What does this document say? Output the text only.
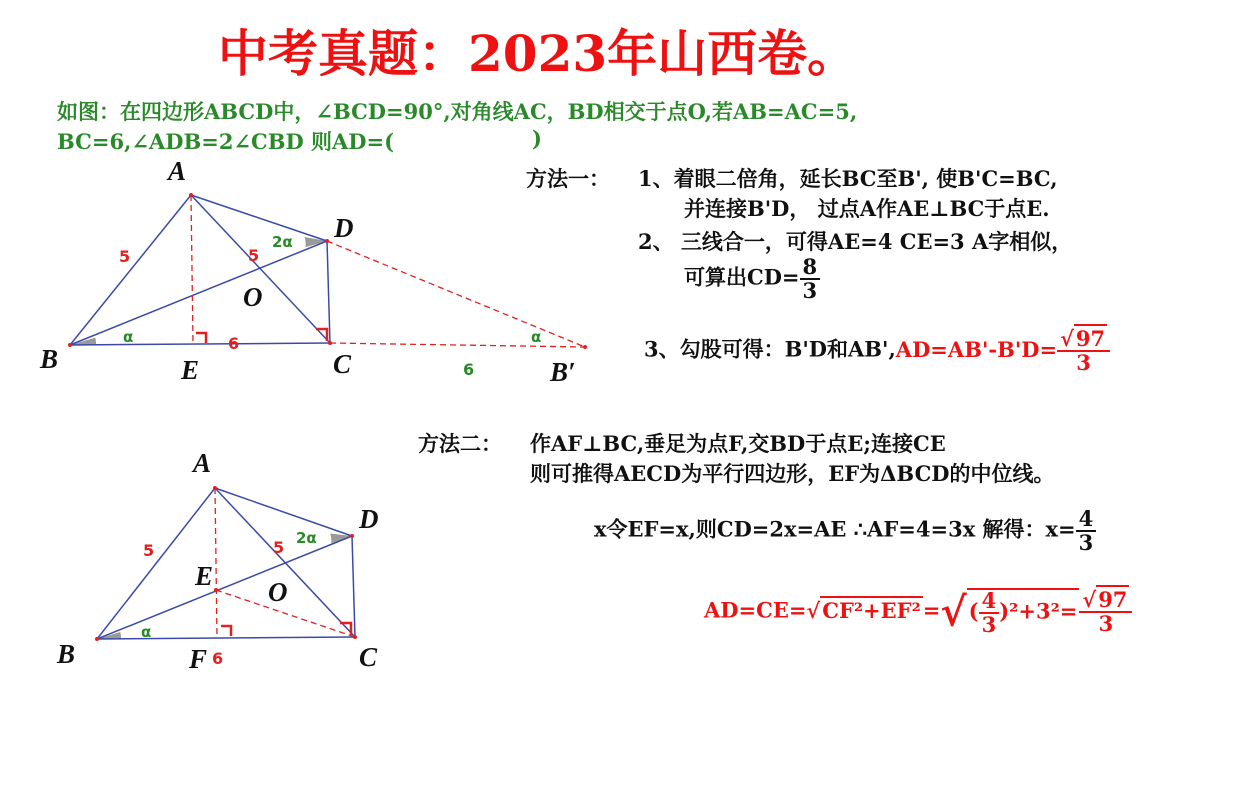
中考真题：2023年山西卷。
如图：在四边形ABCD中，∠BCD=90°,对角线AC，BD相交于点O,若AB=AC=5,
BC=6,∠ADB=2∠CBD 则AD=(	)
方法一： 1、着眼二倍角，延长BC至B', 使B'C=BC,
并连接B'D， 过点A作AE⊥BC于点E.
2、 三线合一，可得AE=4 CE=3 A字相似，
可算出$CD= \frac{8}{3}$
3、勾股可得：B'D和$AB',AD=AB'-B'D= \frac{√97}{3}$
方法二： 作AF⊥BC,垂足为点F,交BD于点E;连接CE
则可推得AECD为平行四边形，EF为ΔBCD的中位线。
x令EF=x,则CD=2x=AE ∴AF=4=3x 解得：$x= \frac{4}{3}$
$AD=CE=√CF^2+EF^2=√( \frac{4}{3} )^2+3^2= \frac{√97}{3}$
A
B	C
D
E
O
B′
5	5
6
6
α
2α
α
A
B	C
D
E
O
F
5	5
6
α
2α
